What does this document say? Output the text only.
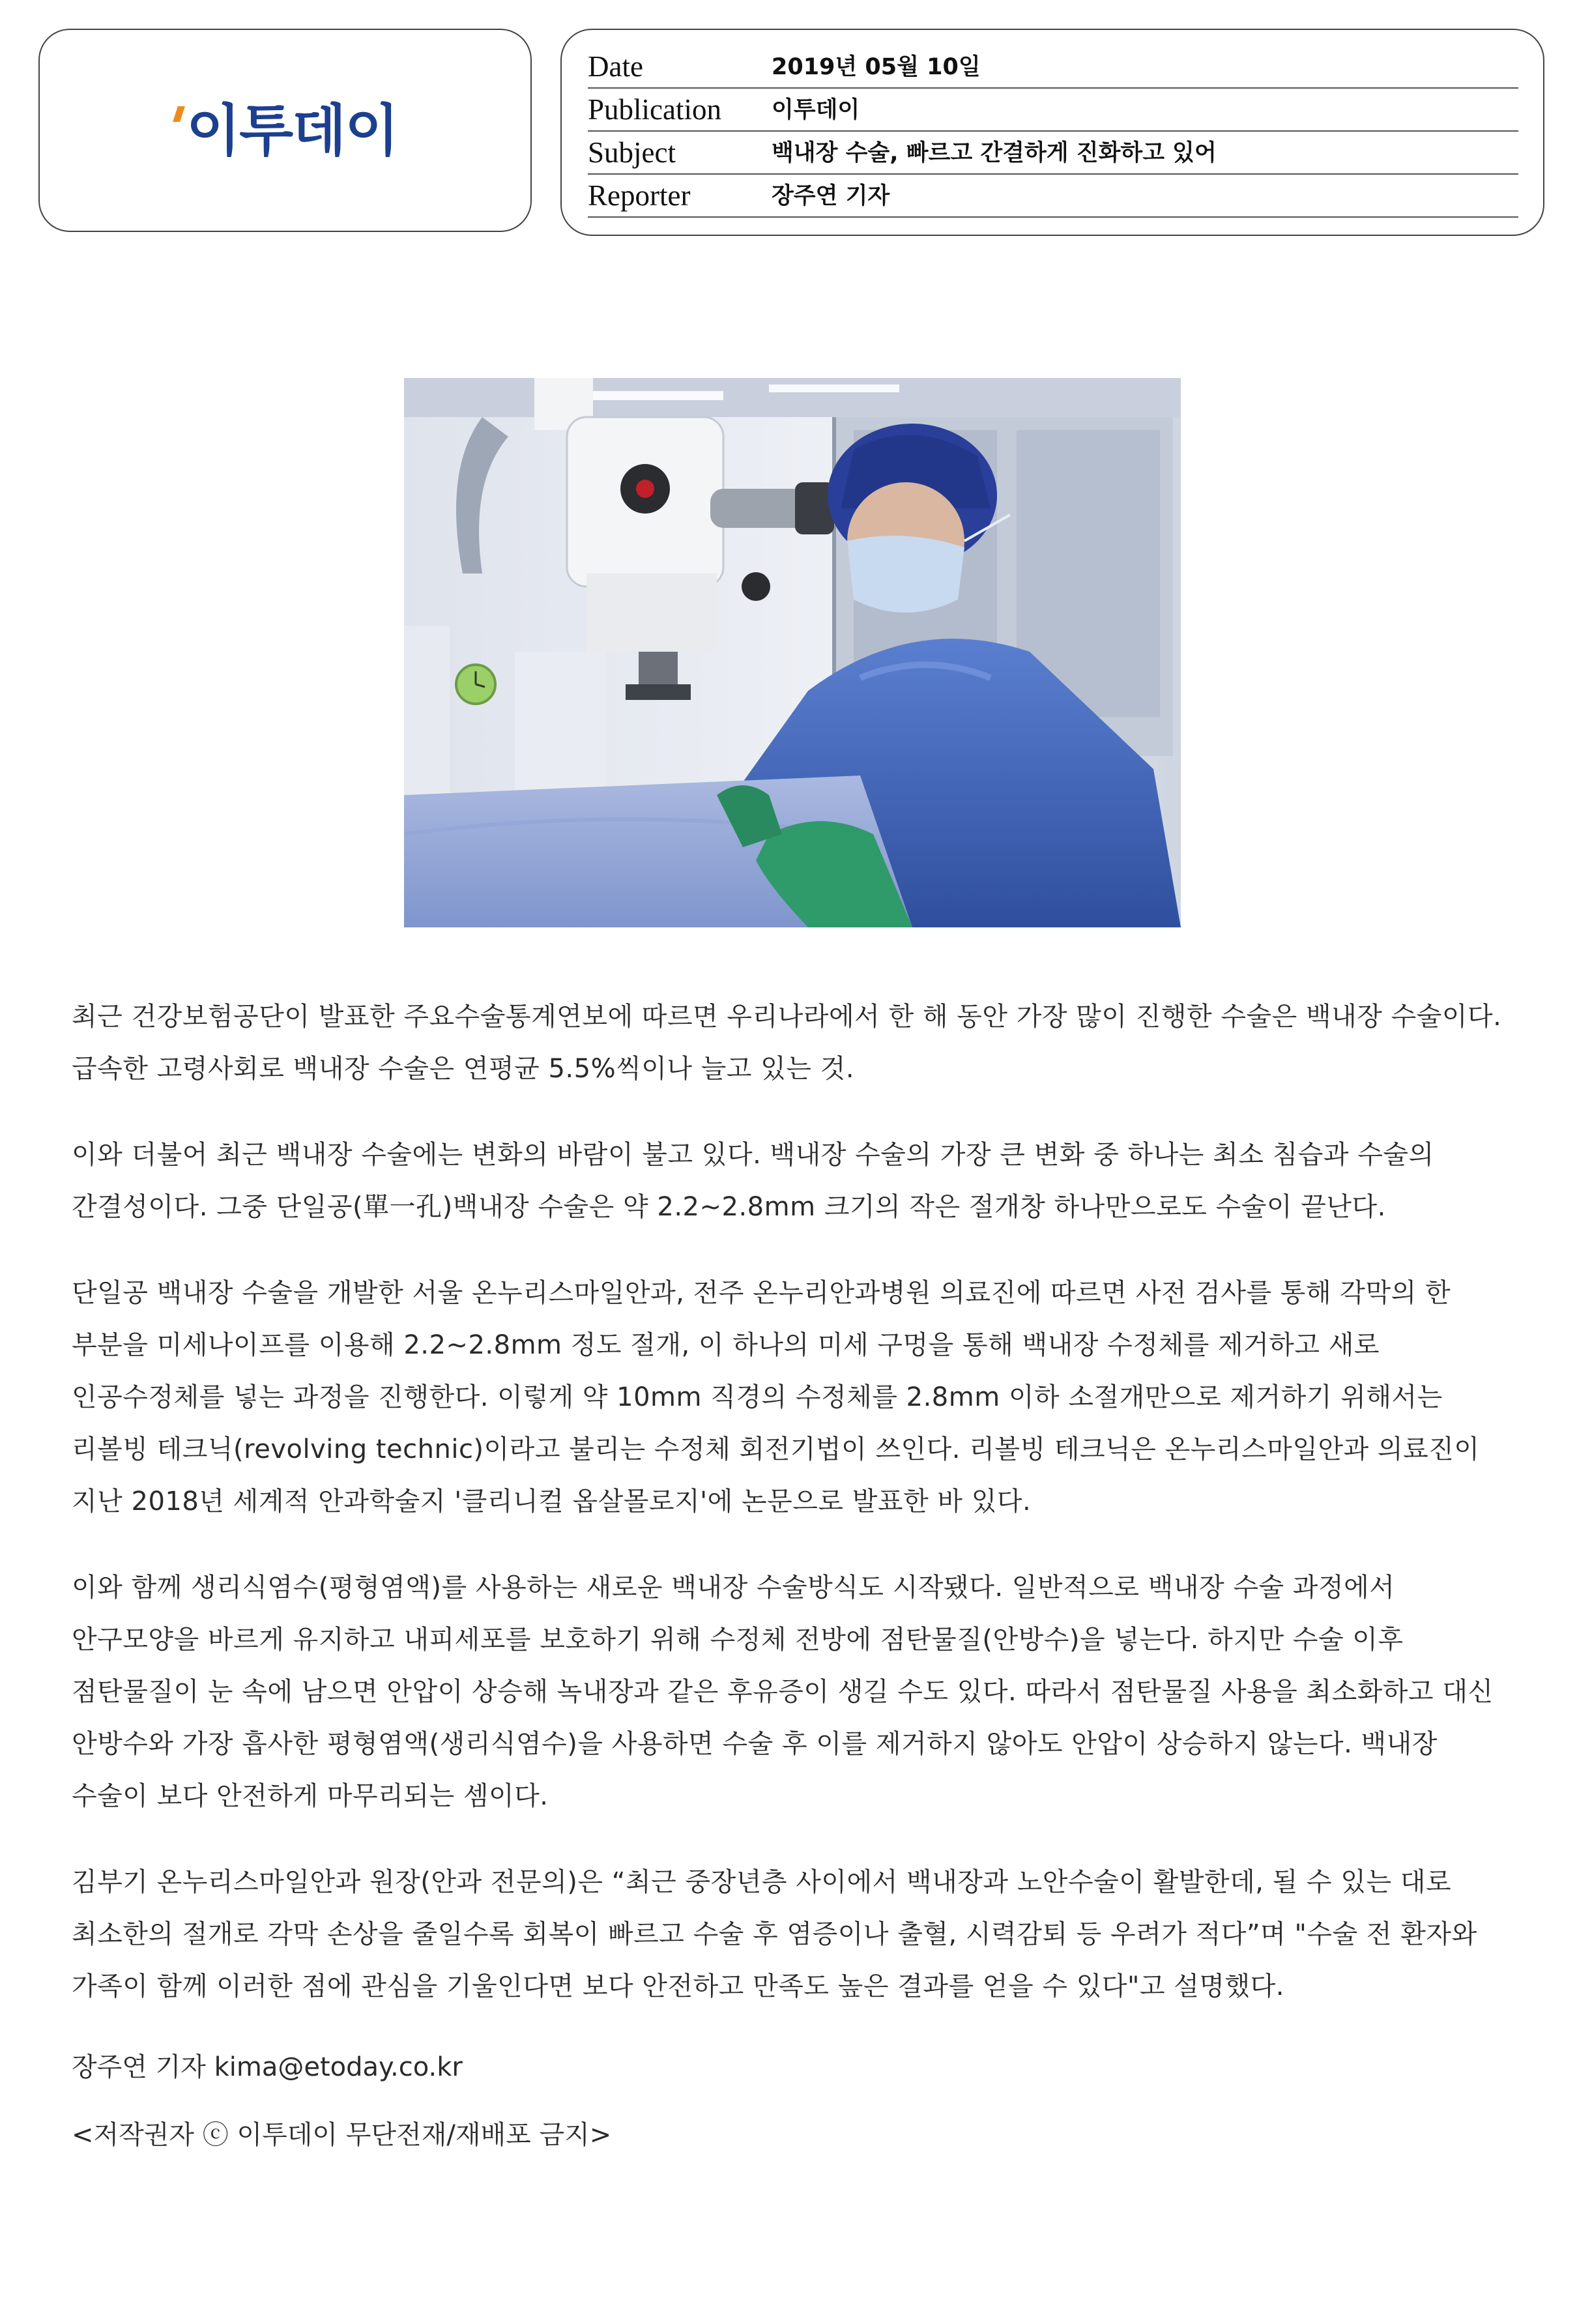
이투데이
Date	2019년 05월 10일
Publication 이투데이
Subject	백내장 수술, 빠르고 간결하게 진화하고 있어
Reporter	장주연 기자

최근 건강보험공단이 발표한 주요수술통계연보에 따르면 우리나라에서 한 해 동안 가장 많이 진행한 수술은 백내장 수술이다. 급속한 고령사회로 백내장 수술은 연평균 5.5%씩이나 늘고 있는 것.

이와 더불어 최근 백내장 수술에는 변화의 바람이 불고 있다. 백내장 수술의 가장 큰 변화 중 하나는 최소 침습과 수술의 간결성이다. 그중 단일공(單一孔)백내장 수술은 약 2.2~2.8mm 크기의 작은 절개창 하나만으로도 수술이 끝난다.

단일공 백내장 수술을 개발한 서울 온누리스마일안과, 전주 온누리안과병원 의료진에 따르면 사전 검사를 통해 각막의 한 부분을 미세나이프를 이용해 2.2~2.8mm 정도 절개, 이 하나의 미세 구멍을 통해 백내장 수정체를 제거하고 새로 인공수정체를 넣는 과정을 진행한다. 이렇게 약 10mm 직경의 수정체를 2.8mm 이하 소절개만으로 제거하기 위해서는 리볼빙 테크닉(revolving technic)이라고 불리는 수정체 회전기법이 쓰인다. 리볼빙 테크닉은 온누리스마일안과 의료진이 지난 2018년 세계적 안과학술지 '클리니컬 옵살몰로지'에 논문으로 발표한 바 있다.

이와 함께 생리식염수(평형염액)를 사용하는 새로운 백내장 수술방식도 시작됐다. 일반적으로 백내장 수술 과정에서 안구모양을 바르게 유지하고 내피세포를 보호하기 위해 수정체 전방에 점탄물질(안방수)을 넣는다. 하지만 수술 이후 점탄물질이 눈 속에 남으면 안압이 상승해 녹내장과 같은 후유증이 생길 수도 있다. 따라서 점탄물질 사용을 최소화하고 대신 안방수와 가장 흡사한 평형염액(생리식염수)을 사용하면 수술 후 이를 제거하지 않아도 안압이 상승하지 않는다. 백내장 수술이 보다 안전하게 마무리되는 셈이다.

김부기 온누리스마일안과 원장(안과 전문의)은 “최근 중장년층 사이에서 백내장과 노안수술이 활발한데, 될 수 있는 대로 최소한의 절개로 각막 손상을 줄일수록 회복이 빠르고 수술 후 염증이나 출혈, 시력감퇴 등 우려가 적다”며 "수술 전 환자와 가족이 함께 이러한 점에 관심을 기울인다면 보다 안전하고 만족도 높은 결과를 얻을 수 있다"고 설명했다.

장주연 기자 kima@etoday.co.kr

<저작권자 ⓒ 이투데이 무단전재/재배포 금지>
